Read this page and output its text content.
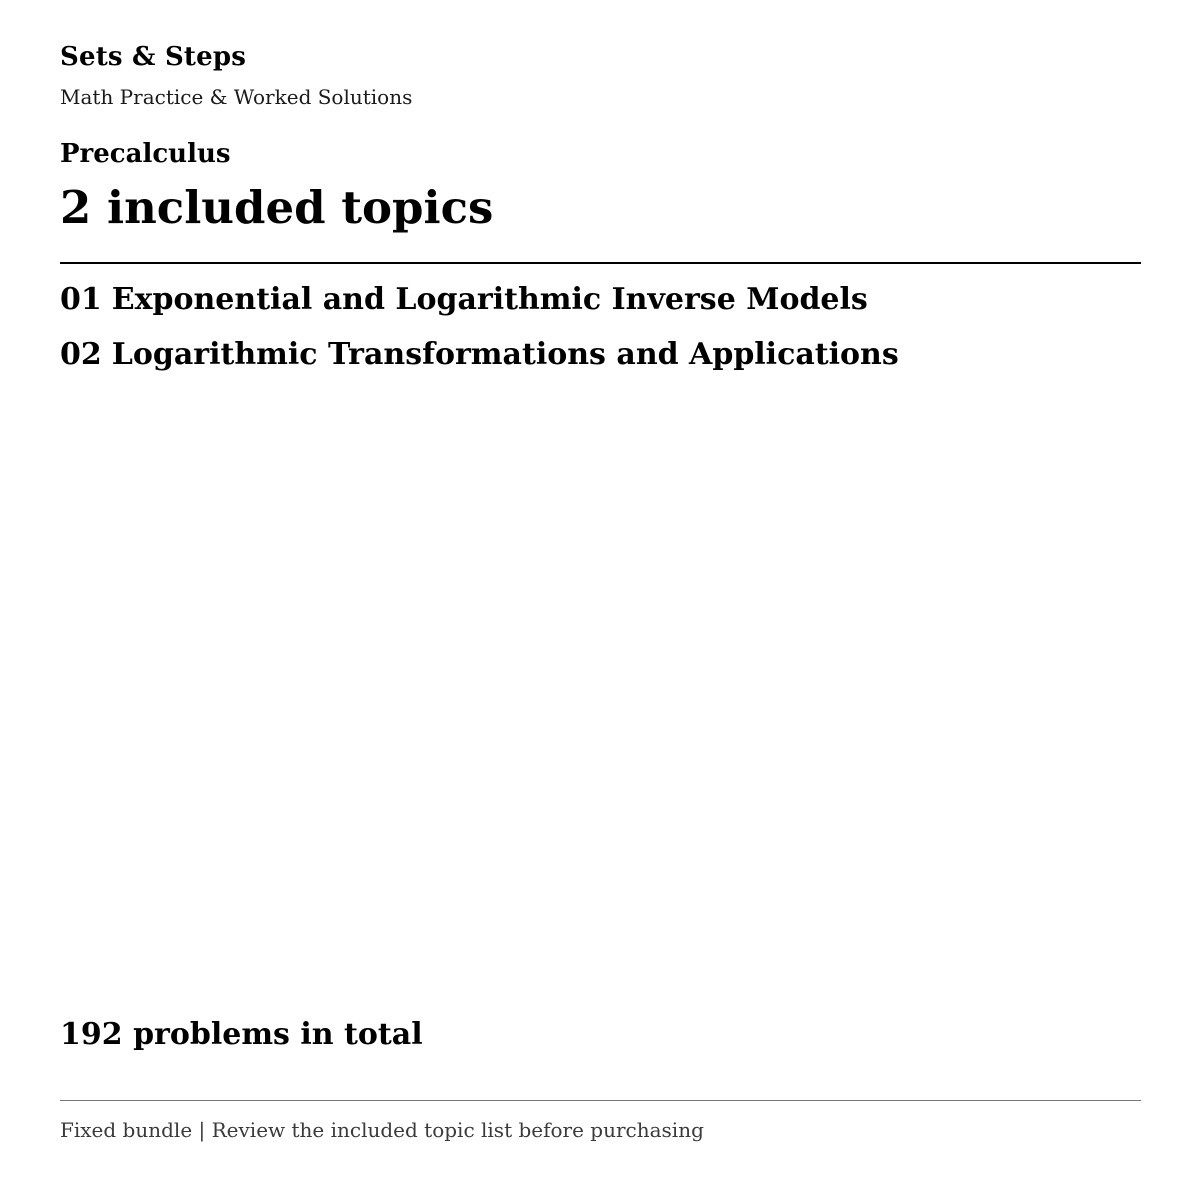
Sets & Steps

Math Practice & Worked Solutions

Precalculus
2 included topics
01 Exponential and Logarithmic Inverse Models
02 Logarithmic Transformations and Applications

192 problems in total

Fixed bundle | Review the included topic list before purchasing
